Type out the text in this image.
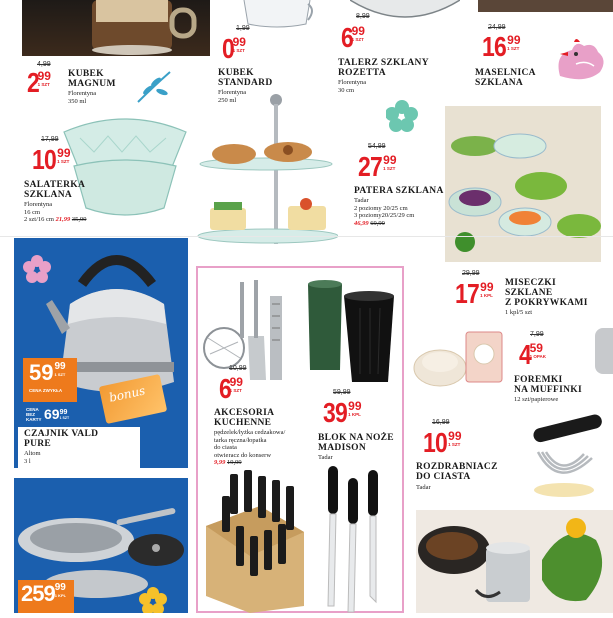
4,99
2
99
1 SZT
KUBEK
MAGNUM
Florentyna
350 ml
1,99
0
99
1 SZT
KUBEK
STANDARD
Florentyna
250 ml
8,99
6
99
1 SZT
TALERZ SZKLANY
ROZETTA
Florentyna
30 cm
24,99
16 99
1 SZT
MASELNICA
SZKLANA
17,99
10 99
1 SZT
SALATERKA
SZKLANA
Florentyna
16 cm
2 szt/16 cm 21,99 35,99
54,99
27 99
1 SZT
PATERA SZKLANA
Tadar
2 poziomy 20/25 cm
3 poziomy20/25/29 cm
46,99 69,99
29,99
17 99
1 KPL
MISECZKI
SZKLANE
Z POKRYWKAMI
1 kpl/5 szt
59 99
1 SZT
CENA ZWYKŁA
CENA
BEZ KARTY 69 99
1 SZT
bonus
CZAJNIK VALD
PURE
Altom
3 l
259 99
1 KPL
10,99
6
99
1 SZT
AKCESORIA
KUCHENNE
pędzelek/łyżka cedzakowa/
tarka ręczna/łopatka
do ciasta
otwieracz do konserw
9,99 19,99
59,99
39 99
1 KPL
BLOK NA NOŻE
MADISON
Tadar
7,99
4
59
1 OPAK
FOREMKI
NA MUFFINKI
12 szt/papierowe
16,99
10 99
1 SZT
ROZDRABNIACZ
DO CIASTA
Tadar
